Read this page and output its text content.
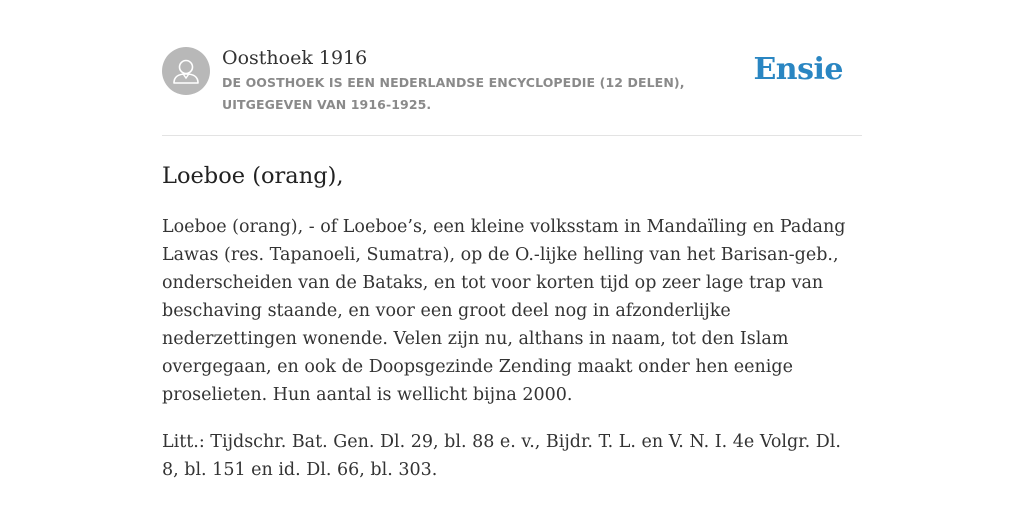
Oosthoek 1916

DE OOSTHOEK IS EEN NEDERLANDSE ENCYCLOPEDIE (12 DELEN), UITGEGEVEN VAN 1916-1925.

Ensie
Loeboe (orang),

Loeboe (orang), - of Loeboe’s, een kleine volksstam in Mandaïling en Padang Lawas (res. Tapanoeli, Sumatra), op de O.-lijke helling van het Barisan-geb., onderscheiden van de Bataks, en tot voor korten tijd op zeer lage trap van beschaving staande, en voor een groot deel nog in afzonderlijke nederzettingen wonende. Velen zijn nu, althans in naam, tot den Islam overgegaan, en ook de Doopsgezinde Zending maakt onder hen eenige proselieten. Hun aantal is wellicht bijna 2000.

Litt.: Tijdschr. Bat. Gen. Dl. 29, bl. 88 e. v., Bijdr. T. L. en V. N. I. 4e Volgr. Dl. 8, bl. 151 en id. Dl. 66, bl. 303.
